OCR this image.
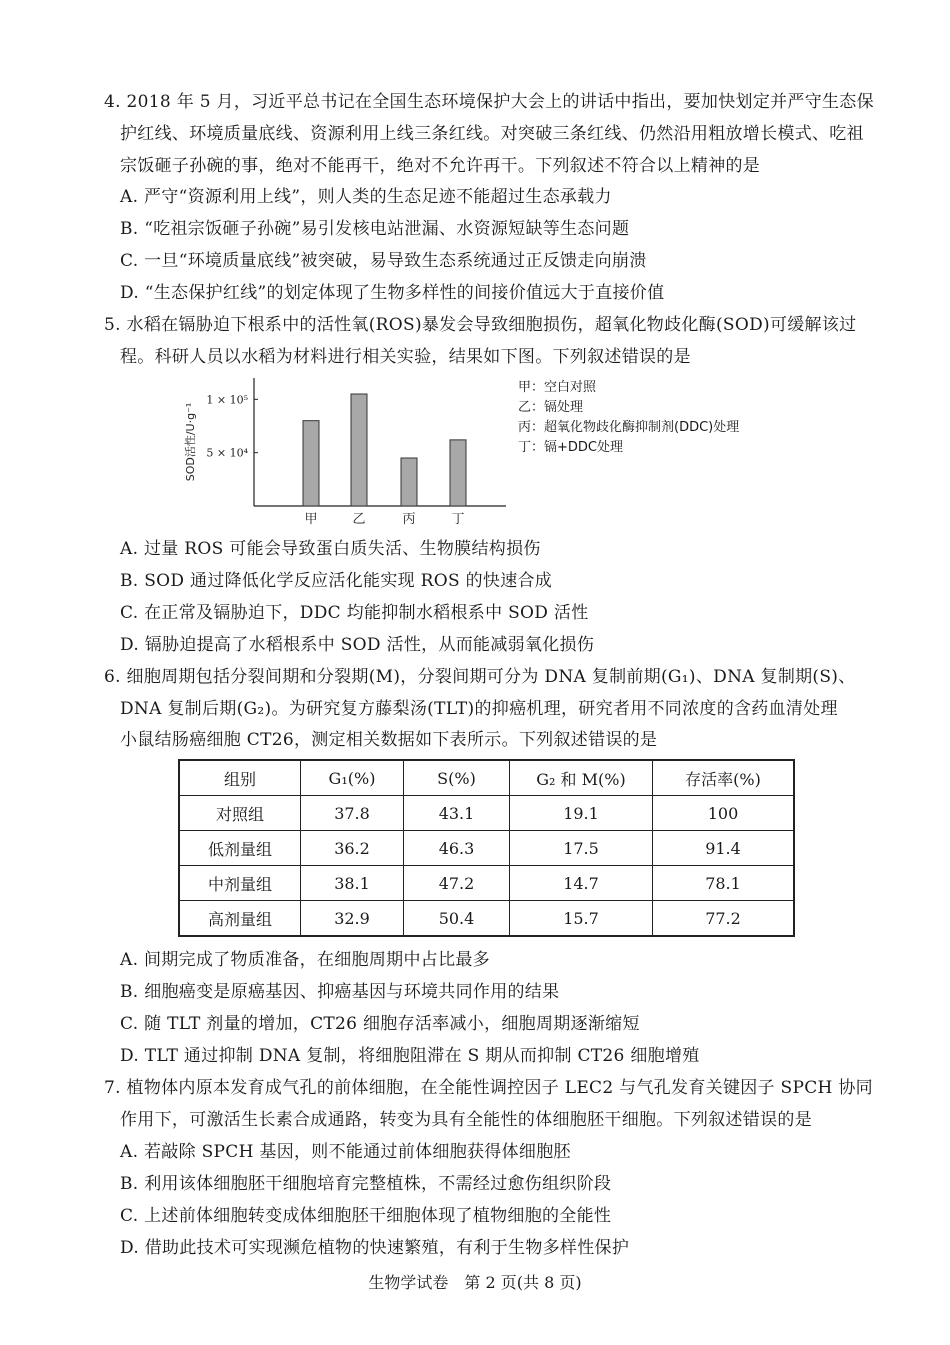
4. 2018 年 5 月，习近平总书记在全国生态环境保护大会上的讲话中指出，要加快划定并严守生态保
护红线、环境质量底线、资源利用上线三条红线。对突破三条红线、仍然沿用粗放增长模式、吃祖
宗饭砸子孙碗的事，绝对不能再干，绝对不允许再干。下列叙述不符合以上精神的是
A. 严守“资源利用上线”，则人类的生态足迹不能超过生态承载力
B. “吃祖宗饭砸子孙碗”易引发核电站泄漏、水资源短缺等生态问题
C. 一旦“环境质量底线”被突破，易导致生态系统通过正反馈走向崩溃
D. “生态保护红线”的划定体现了生物多样性的间接价值远大于直接价值
5. 水稻在镉胁迫下根系中的活性氧(ROS)暴发会导致细胞损伤，超氧化物歧化酶(SOD)可缓解该过
程。科研人员以水稻为材料进行相关实验，结果如下图。下列叙述错误的是
5 × 10⁴
1 × 10⁵
SOD活性/U·g⁻¹
甲	乙	丙	丁
甲：空白对照
乙：镉处理
丙：超氧化物歧化酶抑制剂(DDC)处理
丁：镉+DDC处理
A. 过量 ROS 可能会导致蛋白质失活、生物膜结构损伤
B. SOD 通过降低化学反应活化能实现 ROS 的快速合成
C. 在正常及镉胁迫下，DDC 均能抑制水稻根系中 SOD 活性
D. 镉胁迫提高了水稻根系中 SOD 活性，从而能减弱氧化损伤
6. 细胞周期包括分裂间期和分裂期(M)，分裂间期可分为 DNA 复制前期(G₁)、DNA 复制期(S)、
DNA 复制后期(G₂)。为研究复方藤梨汤(TLT)的抑癌机理，研究者用不同浓度的含药血清处理
小鼠结肠癌细胞 CT26，测定相关数据如下表所示。下列叙述错误的是
组别	G₁(%)	S(%)	G₂ 和 M(%)	存活率(%)
对照组	37.8	43.1	19.1	100
低剂量组	36.2	46.3	17.5	91.4
中剂量组	38.1	47.2	14.7	78.1
高剂量组	32.9	50.4	15.7	77.2
A. 间期完成了物质准备，在细胞周期中占比最多
B. 细胞癌变是原癌基因、抑癌基因与环境共同作用的结果
C. 随 TLT 剂量的增加，CT26 细胞存活率减小，细胞周期逐渐缩短
D. TLT 通过抑制 DNA 复制，将细胞阻滞在 S 期从而抑制 CT26 细胞增殖
7. 植物体内原本发育成气孔的前体细胞，在全能性调控因子 LEC2 与气孔发育关键因子 SPCH 协同
作用下，可激活生长素合成通路，转变为具有全能性的体细胞胚干细胞。下列叙述错误的是
A. 若敲除 SPCH 基因，则不能通过前体细胞获得体细胞胚
B. 利用该体细胞胚干细胞培育完整植株，不需经过愈伤组织阶段
C. 上述前体细胞转变成体细胞胚干细胞体现了植物细胞的全能性
D. 借助此技术可实现濒危植物的快速繁殖，有利于生物多样性保护
生物学试卷　第 2 页(共 8 页)
